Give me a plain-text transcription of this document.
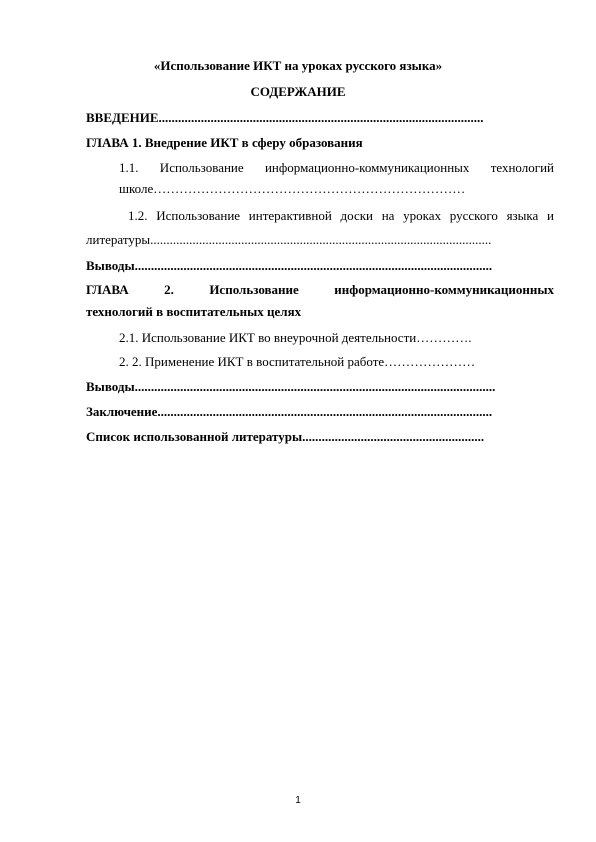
«Использование ИКТ на уроках русского языка»
СОДЕРЖАНИЕ
ВВЕДЕНИЕ....................................................................................................
ГЛАВА 1. Внедрение ИКТ в сферу образования
1.1. Использование информационно-коммуникационных технологий
школе………………………………………………………………
1.2. Использование интерактивной доски на уроках русского языка и
литературы.........................................................................................................
Выводы..............................................................................................................
ГЛАВА 2. Использование информационно-коммуникационных
технологий в воспитательных целях
2.1. Использование ИКТ во внеурочной деятельности………….
2. 2. Применение ИКТ в воспитательной работе…………………
Выводы...............................................................................................................
Заключение.......................................................................................................
Список использованной литературы........................................................
1
